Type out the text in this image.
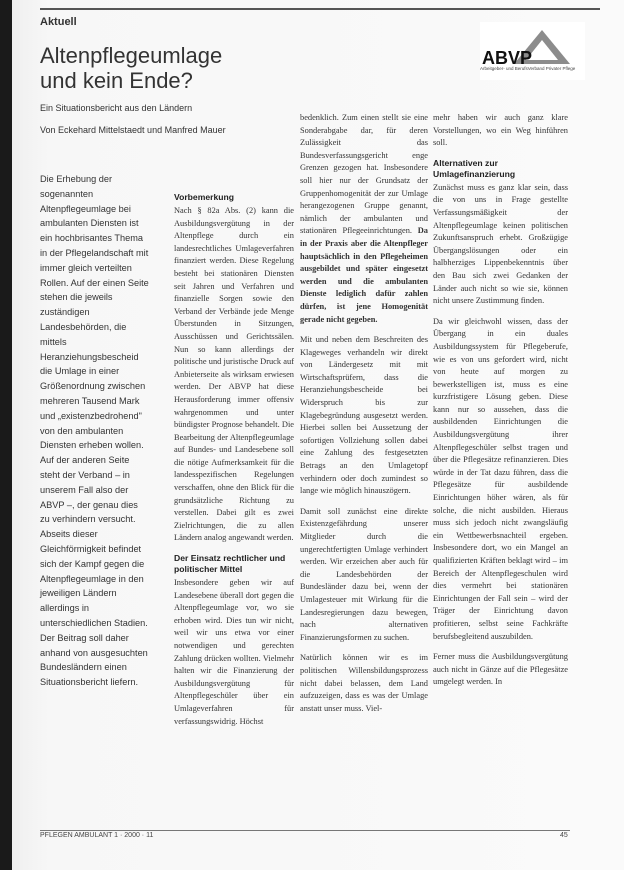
Aktuell
Altenpflegeumlage
und kein Ende?
Ein Situationsbericht aus den Ländern
Von Eckehard Mittelstaedt und Manfred Mauer
ABVP
Arbeitgeber- und BerufsVerband Privater Pflege

Die Erhebung der sogenannten Altenpflegeumlage bei ambulanten Diensten ist ein hochbrisantes Thema in der Pflegelandschaft mit immer gleich verteilten Rollen. Auf der einen Seite stehen die jeweils zuständigen Landesbehörden, die mittels Heranziehungsbescheid die Umlage in einer Größenordnung zwischen mehreren Tausend Mark und „existenzbedrohend" von den ambulanten Diensten erheben wollen. Auf der anderen Seite steht der Verband – in unserem Fall also der ABVP –, der genau dies zu verhindern versucht. Abseits dieser Gleichförmigkeit befindet sich der Kampf gegen die Altenpflegeumlage in den jeweiligen Ländern allerdings in unterschiedlichen Stadien. Der Beitrag soll daher anhand von ausgesuchten Bundesländern einen Situationsbericht liefern.

Vorbemerkung

Nach § 82a Abs. (2) kann die Ausbildungsvergütung in der Altenpflege durch ein landesrechtliches Umlageverfahren finanziert werden. Diese Regelung besteht bei stationären Diensten seit Jahren und Verfahren und finanzielle Sorgen sowie den Verband der Verbände jede Menge Überstunden in Sitzungen, Ausschüssen und Gerichtssälen. Nun so kann allerdings der politische und juristische Druck auf Anbieterseite als wirksam erwiesen werden. Der ABVP hat diese Herausforderung immer offensiv wahrgenommen und unter bündigster Prognose behandelt. Die Bearbeitung der Altenpflegeumlage auf Bundes- und Landesebene soll die nötige Aufmerksamkeit für die landesspezifischen Regelungen verschaffen, ohne den Blick für die grundsätzliche Richtung zu verstellen. Dabei gilt es zwei Zielrichtungen, die zu allen Ländern analog angewandt werden.

Der Einsatz rechtlicher und politischer Mittel

Insbesondere geben wir auf Landesebene überall dort gegen die Altenpflegeumlage vor, wo sie erhoben wird. Dies tun wir nicht, weil wir uns etwa vor einer notwendigen und gerechten Zahlung drücken wollten. Vielmehr halten wir die Finanzierung der Ausbildungsvergütung für Altenpflegeschüler über ein Umlageverfahren für verfassungswidrig. Höchst

bedenklich. Zum einen stellt sie eine Sonderabgabe dar, für deren Zulässigkeit das Bundesverfassungsgericht enge Grenzen gezogen hat. Insbesondere soll hier nur der Grundsatz der Gruppenhomogenität der zur Umlage herangezogenen Gruppe genannt, nämlich der ambulanten und stationären Pflegeeinrichtungen. Da in der Praxis aber die Altenpfleger hauptsächlich in den Pflegeheimen ausgebildet und später eingesetzt werden und die ambulanten Dienste lediglich dafür zahlen dürfen, ist jene Homogenität gerade nicht gegeben.

Mit und neben dem Beschreiten des Klageweges verhandeln wir direkt von Ländergesetz mit mit Wirtschaftsprüfern, dass die Heranziehungsbescheide bei Widerspruch bis zur Klagebegründung ausgesetzt werden. Hierbei sollen bei Aussetzung der sofortigen Vollziehung sollen dabei eine Zahlung des festgesetzten Betrags an den Umlagetopf verhindern oder doch zumindest so lange wie möglich hinauszögern.

Damit soll zunächst eine direkte Existenzgefährdung unserer Mitglieder durch die ungerechtfertigten Umlage verhindert werden. Wir erzeichen aber auch für die Landesbehörden der Bundesländer dazu bei, wenn der Umlagesteuer mit Wirkung für die Landesregierungen dazu bewegen, nach alternativen Finanzierungsformen zu suchen.

Natürlich können wir es im politischen Willensbildungsprozess nicht dabei belassen, dem Land aufzuzeigen, dass es was der Umlage anstatt unser muss. Viel-

mehr haben wir auch ganz klare Vorstellungen, wo ein Weg hinführen soll.

Alternativen zur Umlagefinanzierung

Zunächst muss es ganz klar sein, dass die von uns in Frage gestellte Verfassungsmäßigkeit der Altenpflegeumlage keinen politischen Zukunftsanspruch erhebt. Großzügige Übergangslösungen oder ein halbherziges Lippenbekenntnis über den Bau sich zwei Gedanken der Länder auch nicht so wie sie, können nicht unsere Zustimmung finden.

Da wir gleichwohl wissen, dass der Übergang in ein duales Ausbildungssystem für Pflegeberufe, wie es von uns gefordert wird, nicht von heute auf morgen zu bewerkstelligen ist, muss es eine kurzfristigere Lösung geben. Diese kann nur so aussehen, dass die ausbildenden Einrichtungen die Ausbildungsvergütung ihrer Altenpflegeschüler selbst tragen und über die Pflegesätze refinanzieren. Dies würde in der Tat dazu führen, dass die Pflegesätze für ausbildende Einrichtungen höher wären, als für solche, die nicht ausbilden. Hieraus muss sich jedoch nicht zwangsläufig ein Wettbewerbsnachteil ergeben. Insbesondere dort, wo ein Mangel an qualifizierten Kräften beklagt wird – im Bereich der Altenpflegeschulen wird dies vermehrt bei stationären Einrichtungen der Fall sein – wird der Träger der Einrichtung davon profitieren, selbst seine Fachkräfte berufsbegleitend auszubilden.

Ferner muss die Ausbildungsvergütung auch nicht in Gänze auf die Pflegesätze umgelegt werden. In

PFLEGEN AMBULANT 1 · 2000 · 11	45
